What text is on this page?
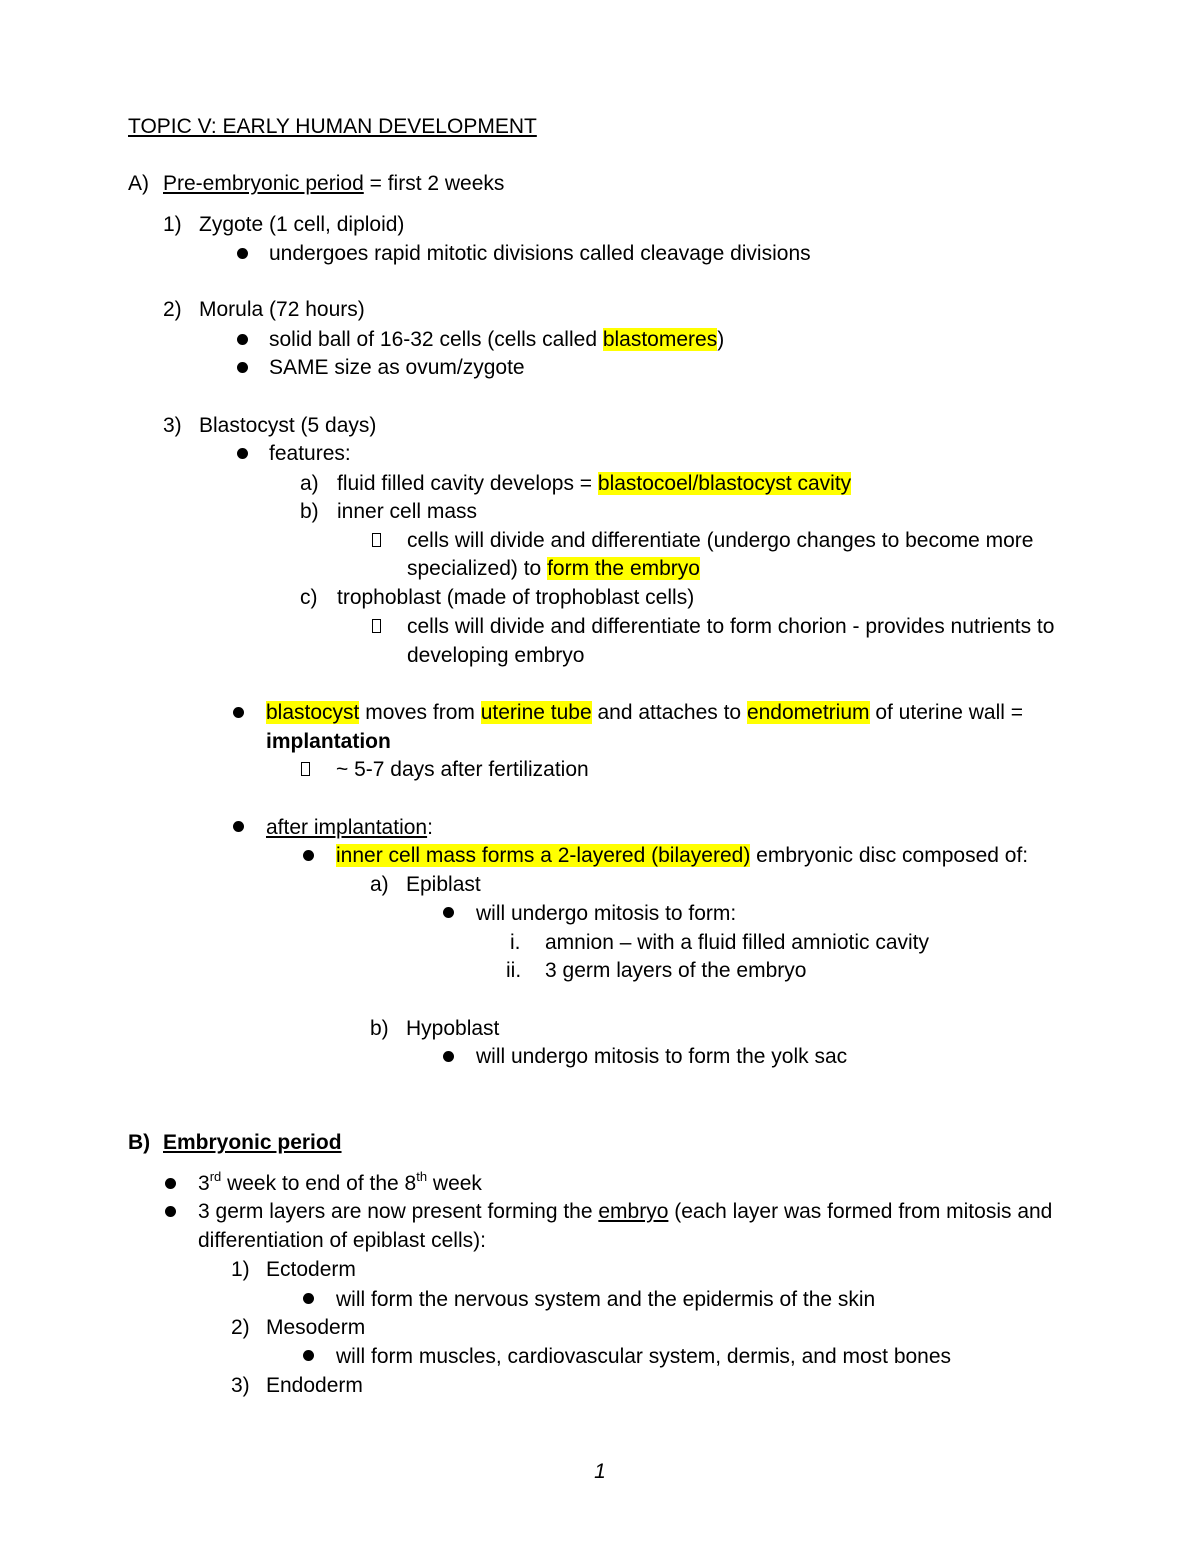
TOPIC V: EARLY HUMAN DEVELOPMENT
A) Pre-embryonic period = first 2 weeks
1) Zygote (1 cell, diploid)
undergoes rapid mitotic divisions called cleavage divisions
2) Morula (72 hours)
solid ball of 16-32 cells (cells called blastomeres)
SAME size as ovum/zygote
3) Blastocyst (5 days)
features:
a) fluid filled cavity develops = blastocoel/blastocyst cavity
b) inner cell mass
cells will divide and differentiate (undergo changes to become more
specialized) to form the embryo
c) trophoblast (made of trophoblast cells)
cells will divide and differentiate to form chorion - provides nutrients to
developing embryo
blastocyst moves from uterine tube and attaches to endometrium of uterine wall =
implantation
~ 5-7 days after fertilization
after implantation:
inner cell mass forms a 2-layered (bilayered) embryonic disc composed of:
a) Epiblast
will undergo mitosis to form:
i. amnion – with a fluid filled amniotic cavity
ii. 3 germ layers of the embryo
b) Hypoblast
will undergo mitosis to form the yolk sac
B) Embryonic period
3rd week to end of the 8th week
3 germ layers are now present forming the embryo (each layer was formed from mitosis and
differentiation of epiblast cells):
1) Ectoderm
will form the nervous system and the epidermis of the skin
2) Mesoderm
will form muscles, cardiovascular system, dermis, and most bones
3) Endoderm
1
